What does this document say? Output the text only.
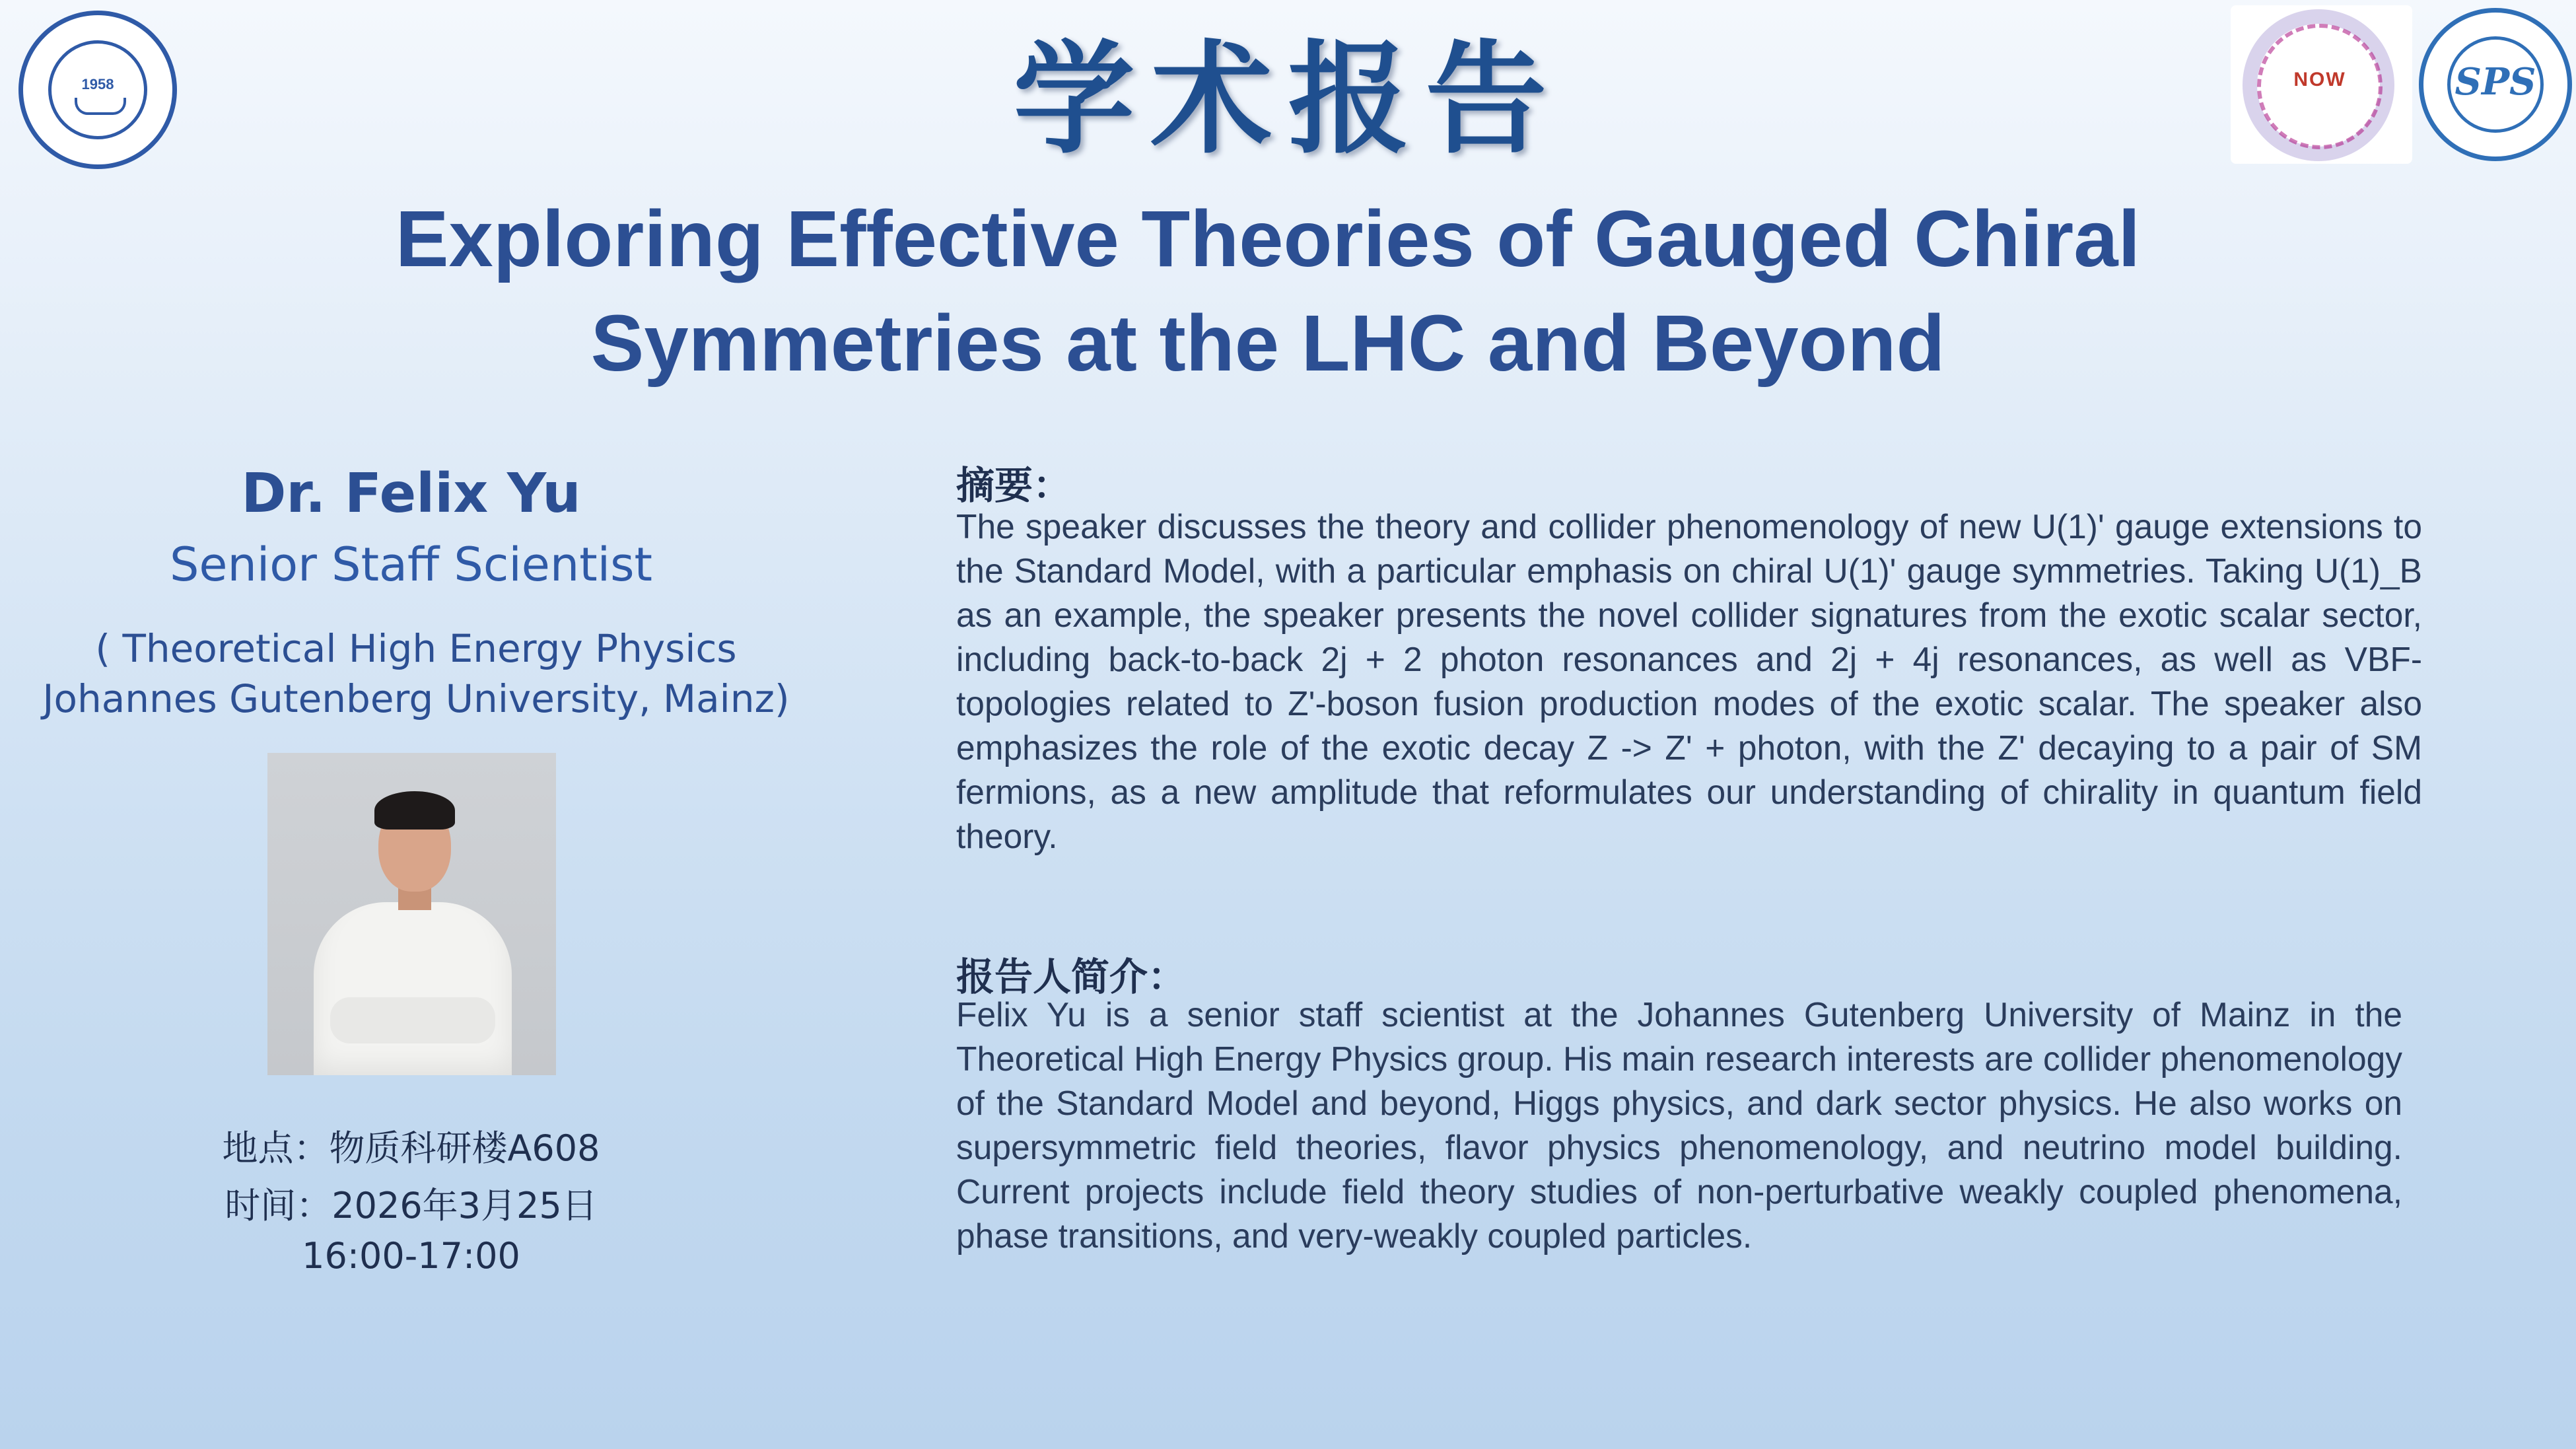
1958	NOW	SPS
学术报告
Exploring Effective Theories of Gauged Chiral
Symmetries at the LHC and Beyond
Dr. Felix Yu
Senior Staff Scientist
( Theoretical High Energy Physics
Johannes Gutenberg University, Mainz)
地点：物质科研楼A608
时间：2026年3月25日
16:00-17:00
摘要：
The speaker discusses the theory and collider phenomenology of new U(1)' gauge extensions to the Standard Model, with a particular emphasis on chiral U(1)' gauge symmetries. Taking U(1)_B as an example, the speaker presents the novel collider signatures from the exotic scalar sector, including back-to-back 2j + 2 photon resonances and 2j + 4j resonances, as well as VBF-topologies related to Z'-boson fusion production modes of the exotic scalar. The speaker also emphasizes the role of the exotic decay Z -> Z' + photon, with the Z' decaying to a pair of SM fermions, as a new amplitude that reformulates our understanding of chirality in quantum field theory.
报告人简介：
Felix Yu is a senior staff scientist at the Johannes Gutenberg University of Mainz in the Theoretical High Energy Physics group. His main research interests are collider phenomenology of the Standard Model and beyond, Higgs physics, and dark sector physics. He also works on supersymmetric field theories, flavor physics phenomenology, and neutrino model building. Current projects include field theory studies of non-perturbative weakly coupled phenomena, phase transitions, and very-weakly coupled particles.
